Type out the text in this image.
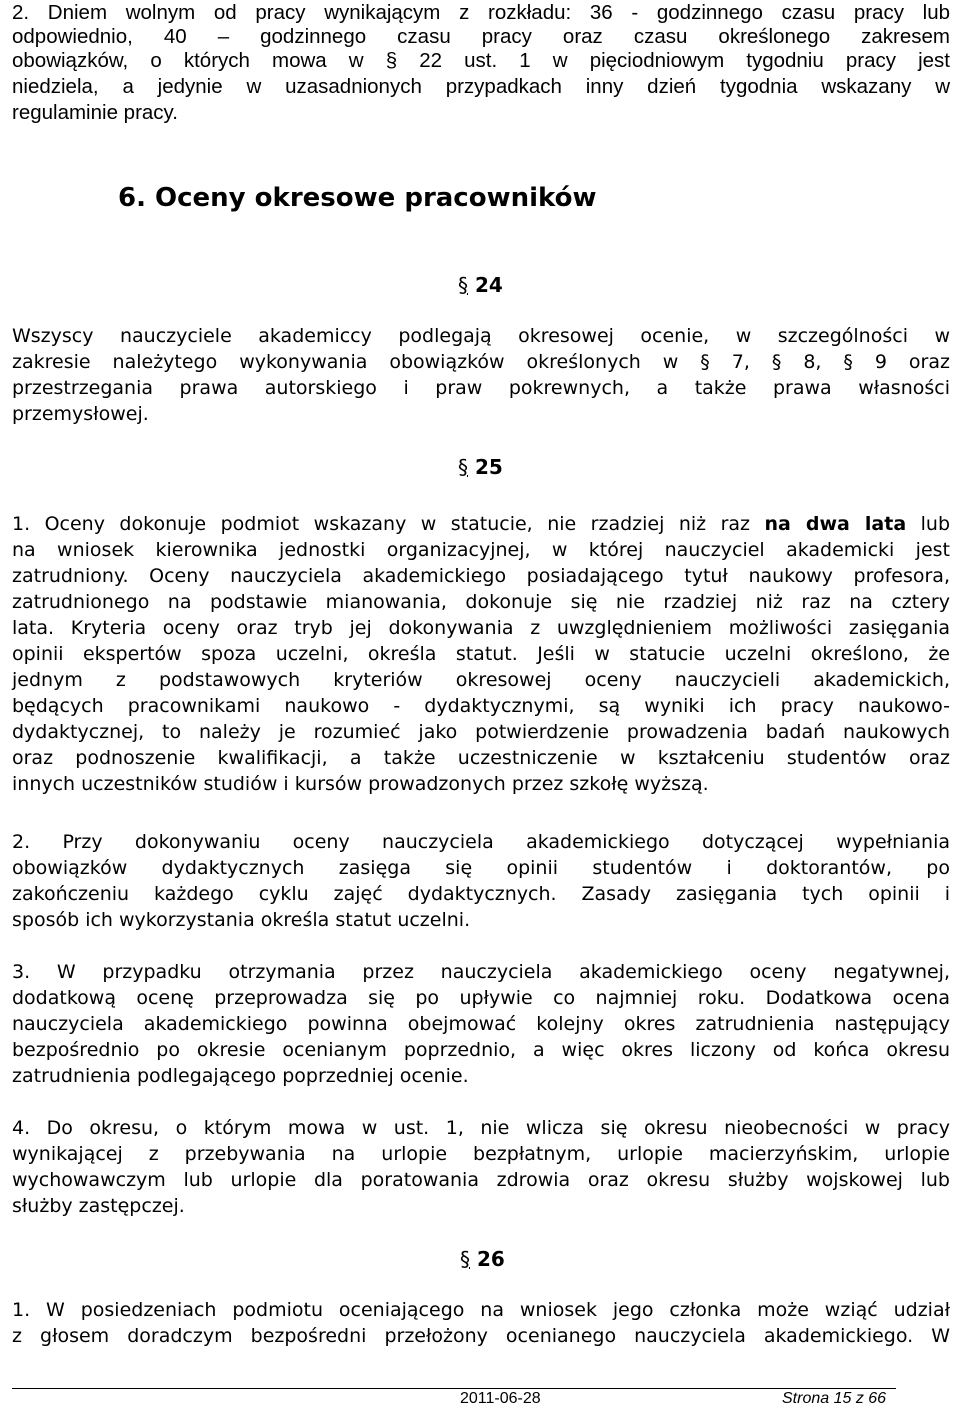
2. Dniem wolnym od pracy wynikającym z rozkładu: 36 - godzinnego czasu pracy lub
odpowiednio, 40 – godzinnego czasu pracy oraz czasu określonego zakresem
obowiązków, o których mowa w § 22 ust. 1 w pięciodniowym tygodniu pracy jest
niedziela, a jedynie w uzasadnionych przypadkach inny dzień tygodnia wskazany w
regulaminie pracy.
6. Oceny okresowe pracowników
§ 24
Wszyscy nauczyciele akademiccy podlegają okresowej ocenie, w szczególności w
zakresie należytego wykonywania obowiązków określonych w § 7, § 8, § 9 oraz
przestrzegania prawa autorskiego i praw pokrewnych, a także prawa własności
przemysłowej.
§ 25
1. Oceny dokonuje podmiot wskazany w statucie, nie rzadziej niż raz na dwa lata lub
na wniosek kierownika jednostki organizacyjnej, w której nauczyciel akademicki jest
zatrudniony. Oceny nauczyciela akademickiego posiadającego tytuł naukowy profesora,
zatrudnionego na podstawie mianowania, dokonuje się nie rzadziej niż raz na cztery
lata. Kryteria oceny oraz tryb jej dokonywania z uwzględnieniem możliwości zasięgania
opinii ekspertów spoza uczelni, określa statut. Jeśli w statucie uczelni określono, że
jednym z podstawowych kryteriów okresowej oceny nauczycieli akademickich,
będących pracownikami naukowo - dydaktycznymi, są wyniki ich pracy naukowo-
dydaktycznej, to należy je rozumieć jako potwierdzenie prowadzenia badań naukowych
oraz podnoszenie kwalifikacji, a także uczestniczenie w kształceniu studentów oraz
innych uczestników studiów i kursów prowadzonych przez szkołę wyższą.
2. Przy dokonywaniu oceny nauczyciela akademickiego dotyczącej wypełniania
obowiązków dydaktycznych zasięga się opinii studentów i doktorantów, po
zakończeniu każdego cyklu zajęć dydaktycznych. Zasady zasięgania tych opinii i
sposób ich wykorzystania określa statut uczelni.
3. W przypadku otrzymania przez nauczyciela akademickiego oceny negatywnej,
dodatkową ocenę przeprowadza się po upływie co najmniej roku. Dodatkowa ocena
nauczyciela akademickiego powinna obejmować kolejny okres zatrudnienia następujący
bezpośrednio po okresie ocenianym poprzednio, a więc okres liczony od końca okresu
zatrudnienia podlegającego poprzedniej ocenie.
4. Do okresu, o którym mowa w ust. 1, nie wlicza się okresu nieobecności w pracy
wynikającej z przebywania na urlopie bezpłatnym, urlopie macierzyńskim, urlopie
wychowawczym lub urlopie dla poratowania zdrowia oraz okresu służby wojskowej lub
służby zastępczej.
§ 26
1. W posiedzeniach podmiotu oceniającego na wniosek jego członka może wziąć udział
z głosem doradczym bezpośredni przełożony ocenianego nauczyciela akademickiego. W
2011-06-28	Strona 15 z 66
